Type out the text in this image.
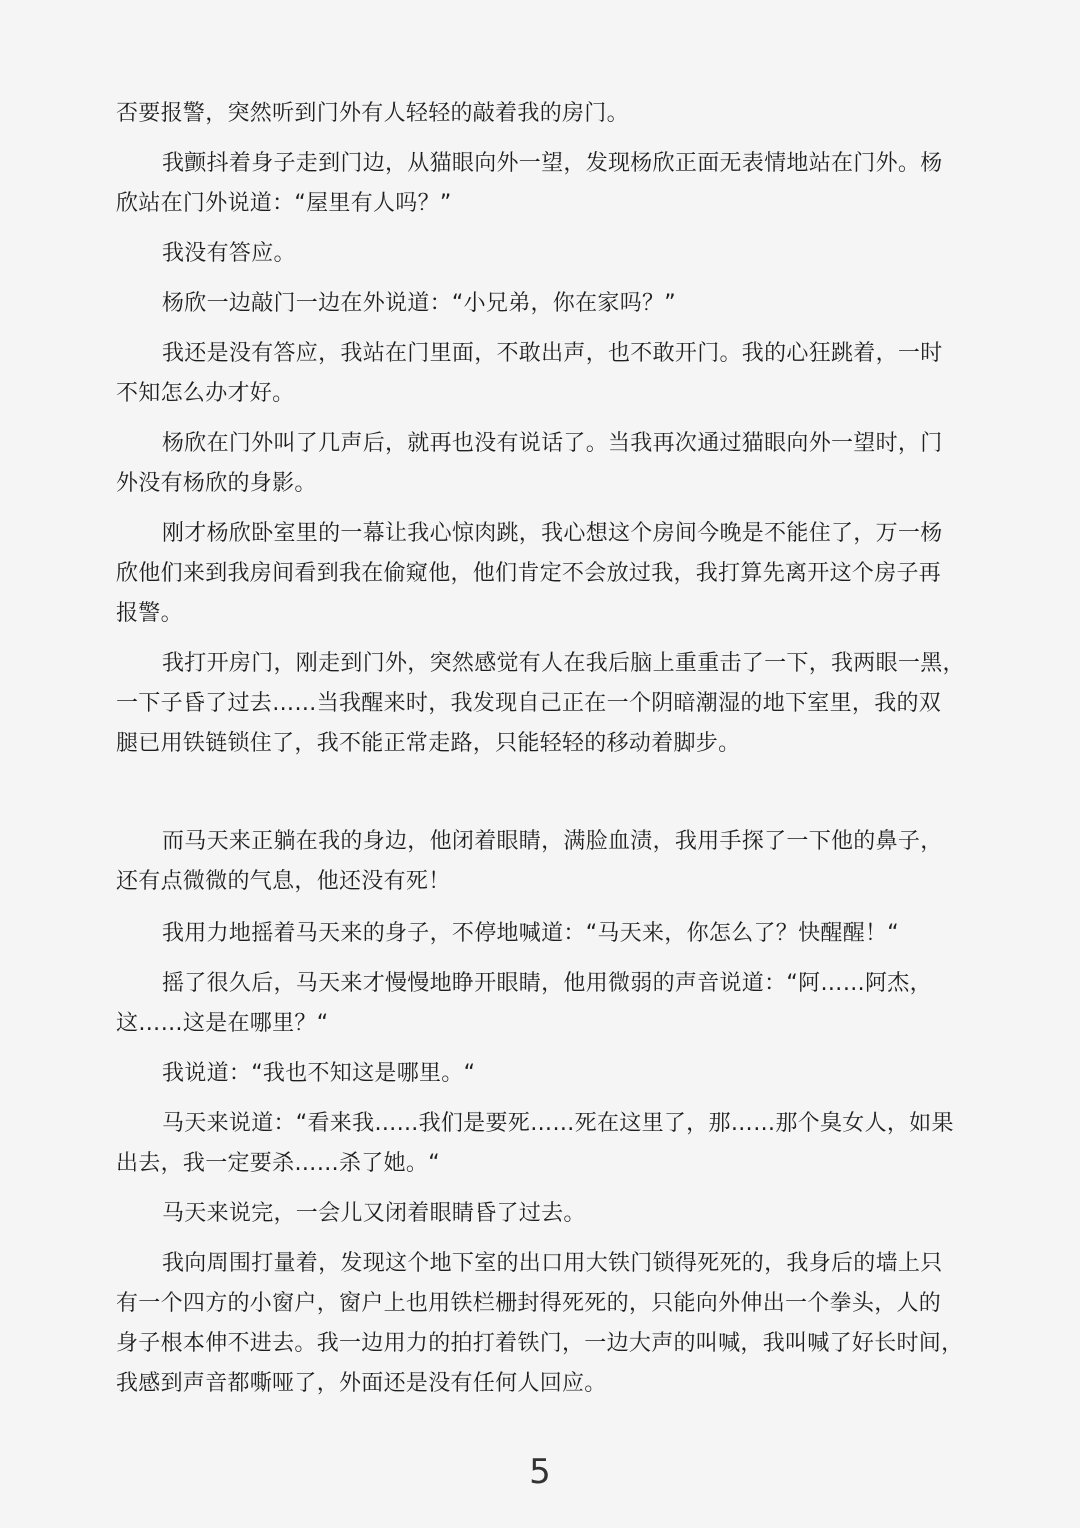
否要报警，突然听到门外有人轻轻的敲着我的房门。

我颤抖着身子走到门边，从猫眼向外一望，发现杨欣正面无表情地站在门外。杨
欣站在门外说道：“屋里有人吗？”

我没有答应。

杨欣一边敲门一边在外说道：“小兄弟，你在家吗？”

我还是没有答应，我站在门里面，不敢出声，也不敢开门。我的心狂跳着，一时
不知怎么办才好。

杨欣在门外叫了几声后，就再也没有说话了。当我再次通过猫眼向外一望时，门
外没有杨欣的身影。

刚才杨欣卧室里的一幕让我心惊肉跳，我心想这个房间今晚是不能住了，万一杨
欣他们来到我房间看到我在偷窥他，他们肯定不会放过我，我打算先离开这个房子再
报警。

我打开房门，刚走到门外，突然感觉有人在我后脑上重重击了一下，我两眼一黑，
一下子昏了过去……当我醒来时，我发现自己正在一个阴暗潮湿的地下室里，我的双
腿已用铁链锁住了，我不能正常走路，只能轻轻的移动着脚步。

而马天来正躺在我的身边，他闭着眼睛，满脸血渍，我用手探了一下他的鼻子，
还有点微微的气息，他还没有死！

我用力地摇着马天来的身子，不停地喊道：“马天来，你怎么了？快醒醒！“

摇了很久后，马天来才慢慢地睁开眼睛，他用微弱的声音说道：“阿……阿杰，
这……这是在哪里？“

我说道：“我也不知这是哪里。“

马天来说道：“看来我…...我们是要死……死在这里了，那……那个臭女人，如果
出去，我一定要杀……杀了她。“

马天来说完，一会儿又闭着眼睛昏了过去。

我向周围打量着，发现这个地下室的出口用大铁门锁得死死的，我身后的墙上只
有一个四方的小窗户，窗户上也用铁栏栅封得死死的，只能向外伸出一个拳头，人的
身子根本伸不进去。我一边用力的拍打着铁门，一边大声的叫喊，我叫喊了好长时间，
我感到声音都嘶哑了，外面还是没有任何人回应。

5
